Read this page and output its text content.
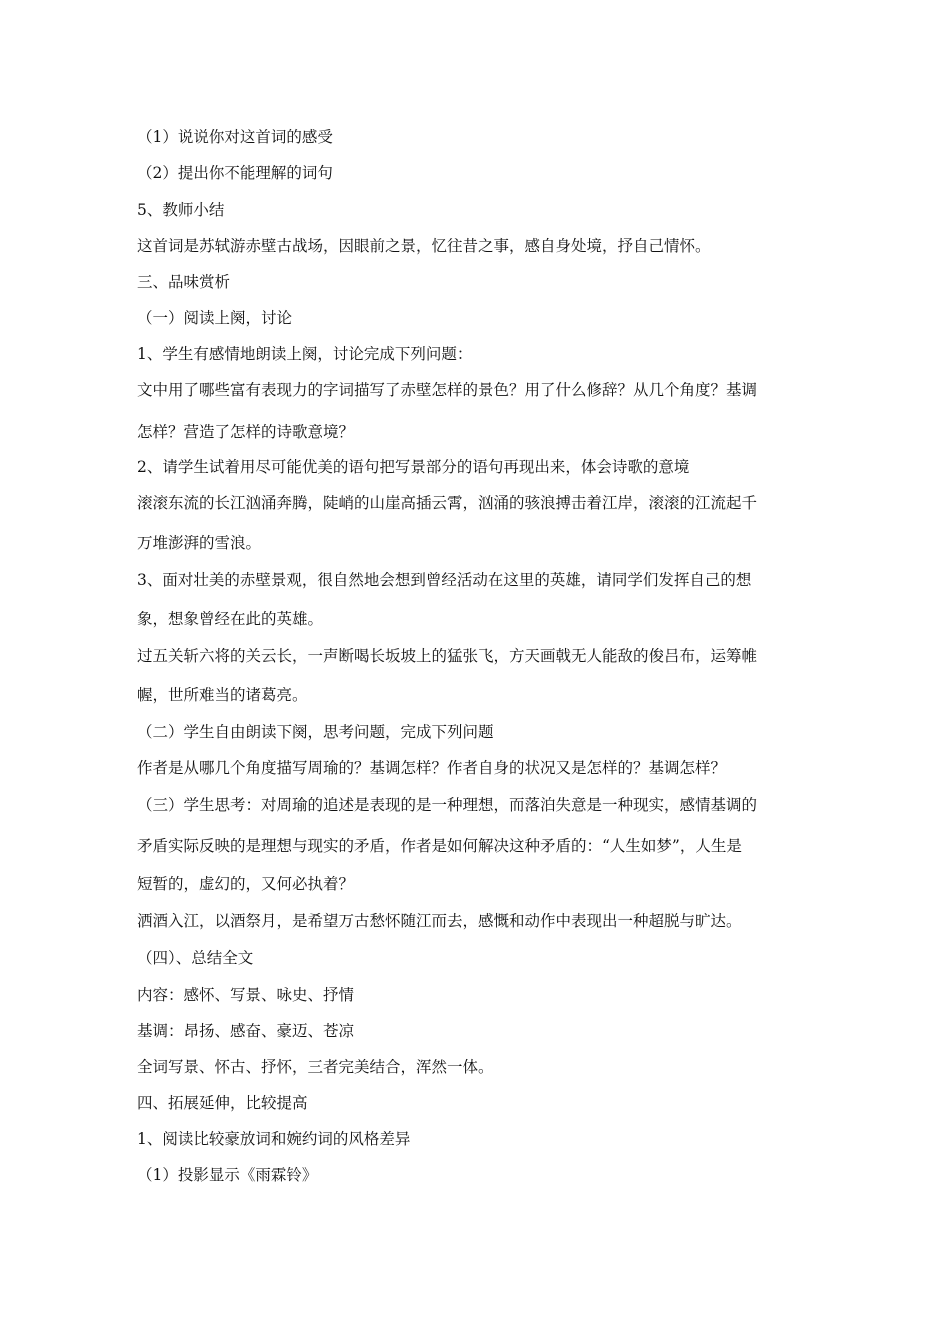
（1）说说你对这首词的感受
（2）提出你不能理解的词句
5、教师小结
这首词是苏轼游赤壁古战场，因眼前之景，忆往昔之事，感自身处境，抒自己情怀。
三、品味赏析
（一）阅读上阕，讨论
1、学生有感情地朗读上阕，讨论完成下列问题：
文中用了哪些富有表现力的字词描写了赤壁怎样的景色？用了什么修辞？从几个角度？基调
怎样？营造了怎样的诗歌意境？
2、请学生试着用尽可能优美的语句把写景部分的语句再现出来，体会诗歌的意境
滚滚东流的长江汹涌奔腾，陡峭的山崖高插云霄，汹涌的骇浪搏击着江岸，滚滚的江流起千
万堆澎湃的雪浪。
3、面对壮美的赤壁景观，很自然地会想到曾经活动在这里的英雄，请同学们发挥自己的想
象，想象曾经在此的英雄。
过五关斩六将的关云长，一声断喝长坂坡上的猛张飞，方天画戟无人能敌的俊吕布，运筹帷
幄，世所难当的诸葛亮。
（二）学生自由朗读下阕，思考问题，完成下列问题
作者是从哪几个角度描写周瑜的？基调怎样？作者自身的状况又是怎样的？基调怎样？
（三）学生思考：对周瑜的追述是表现的是一种理想，而落泊失意是一种现实，感情基调的
矛盾实际反映的是理想与现实的矛盾，作者是如何解决这种矛盾的：“人生如梦”，人生是
短暂的，虚幻的，又何必执着？
洒酒入江，以酒祭月，是希望万古愁怀随江而去，感慨和动作中表现出一种超脱与旷达。
（四）、总结全文
内容：感怀、写景、咏史、抒情
基调：昂扬、感奋、豪迈、苍凉
全词写景、怀古、抒怀，三者完美结合，浑然一体。
四、拓展延伸，比较提高
1、阅读比较豪放词和婉约词的风格差异
（1）投影显示《雨霖铃》
